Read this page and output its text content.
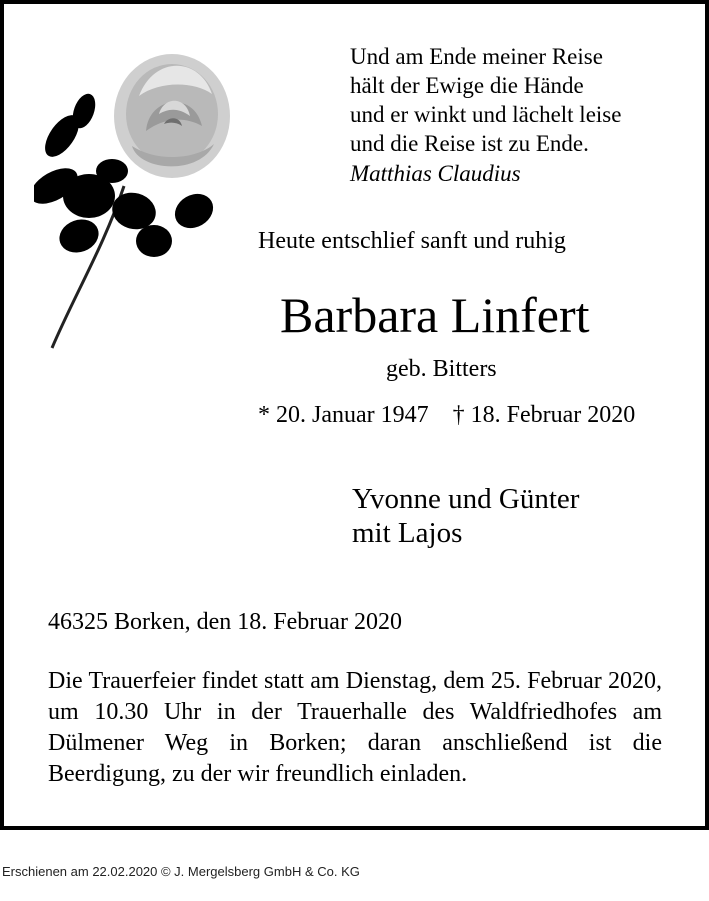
Und am Ende meiner Reise
hält der Ewige die Hände
und er winkt und lächelt leise
und die Reise ist zu Ende.
Matthias Claudius
Heute entschlief sanft und ruhig
Barbara Linfert
geb. Bitters
* 20. Januar 1947    † 18. Februar 2020
Yvonne und Günter
mit Lajos
46325 Borken, den 18. Februar 2020

Die Trauerfeier findet statt am Dienstag, dem 25. Februar 2020, um 10.30 Uhr in der Trauerhalle des Waldfriedhofes am Dülmener Weg in Borken; daran anschließend ist die Beerdigung, zu der wir freundlich einladen.

Erschienen am 22.02.2020 © J. Mergelsberg GmbH & Co. KG
